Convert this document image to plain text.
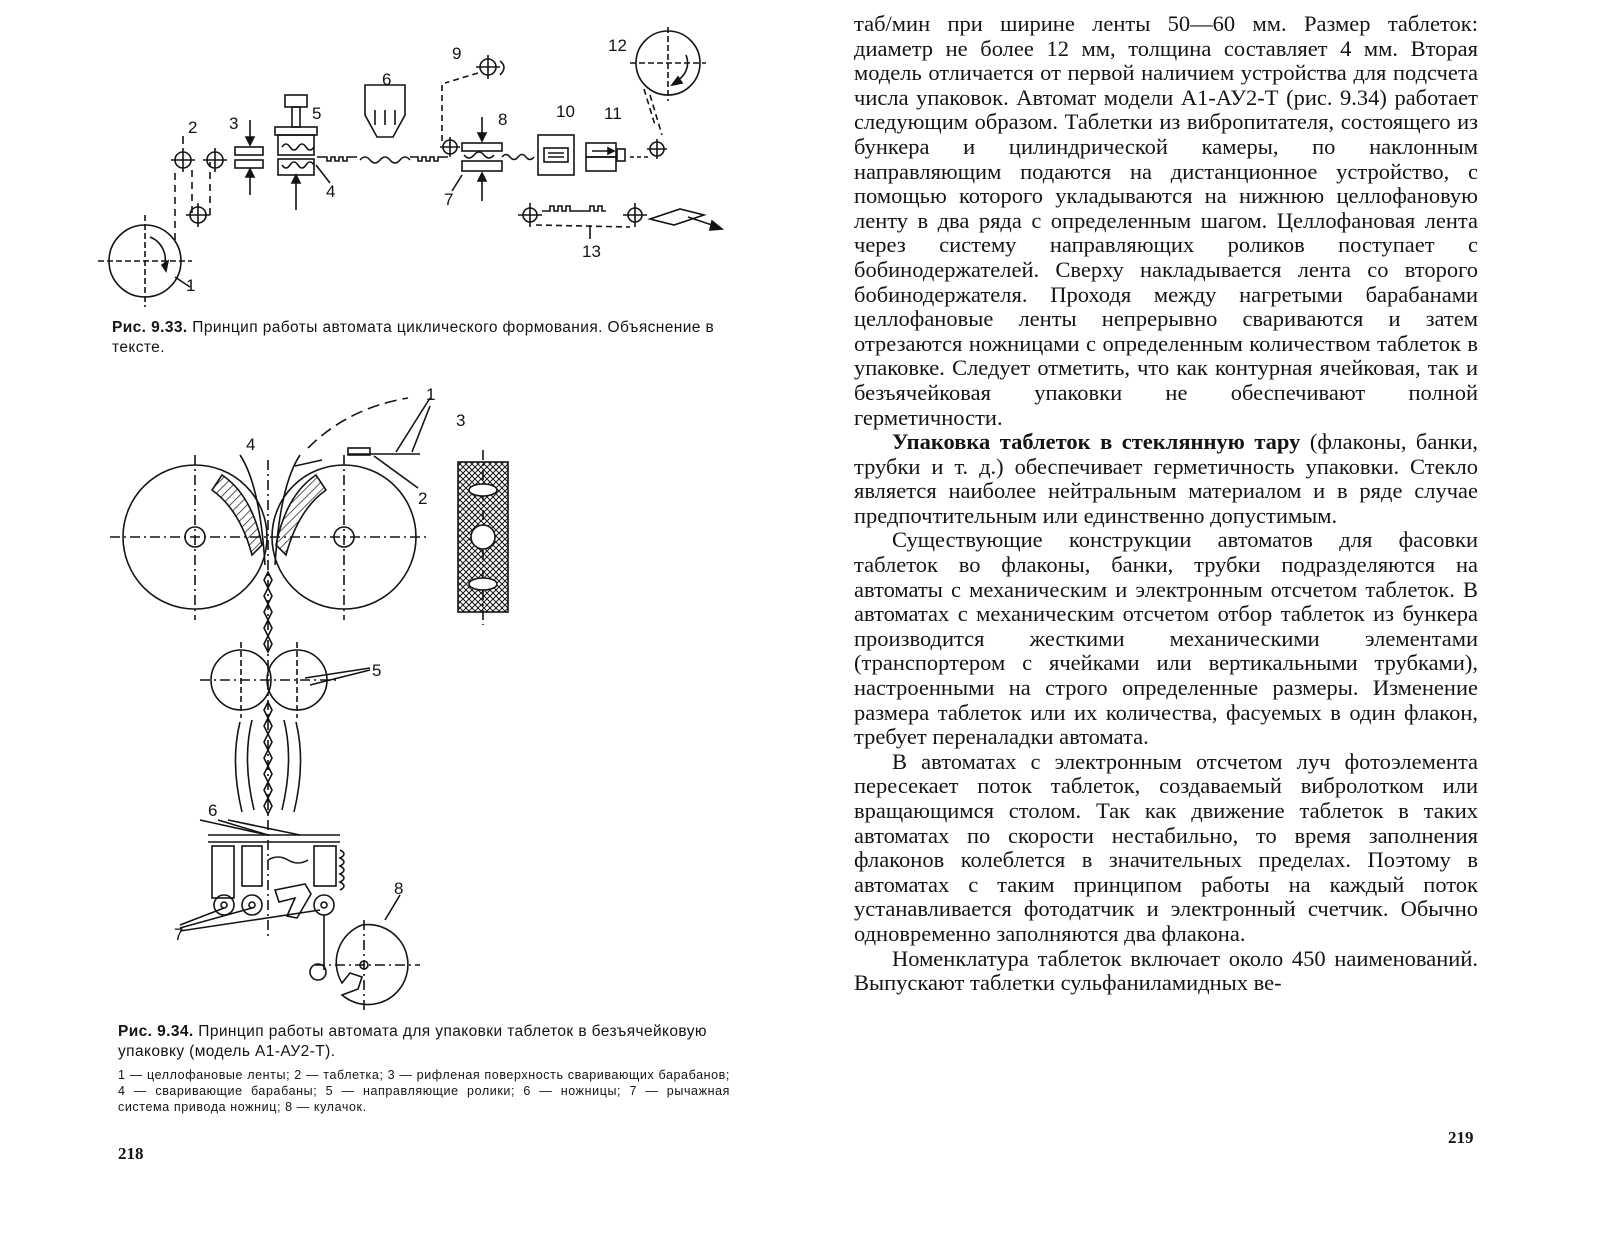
1
2 3
4
5
6
7
8
9
10 11
12
13
Рис. 9.33. Принцип работы автомата циклического формования. Объяснение в тексте.
1
2
3
4
5
6
7
8
Рис. 9.34. Принцип работы автомата для упаковки таблеток в безъячейковую упаковку (модель А1-АУ2-Т).
1 — целлофановые ленты; 2 — таблетка; 3 — рифленая поверхность сваривающих барабанов; 4 — сваривающие барабаны; 5 — направляющие ролики; 6 — ножницы; 7 — рычажная система привода ножниц; 8 — кулачок.
218

таб/мин при ширине ленты 50—60 мм. Размер таблеток: диаметр не более 12 мм, толщина составляет 4 мм. Вторая модель отличается от первой наличием устройства для подсчета числа упаковок. Автомат модели А1-АУ2-Т (рис. 9.34) работает следующим образом. Таблетки из вибропитателя, состоящего из бункера и цилиндрической камеры, по наклонным направляющим подаются на дистанционное устройство, с помощью которого укладываются на нижнюю целлофановую ленту в два ряда с определенным шагом. Целлофановая лента через систему направляющих роликов поступает с бобинодержателей. Сверху накладывается лента со второго бобинодержателя. Проходя между нагретыми барабанами целлофановые ленты непрерывно свариваются и затем отрезаются ножницами с определенным количеством таблеток в упаковке. Следует отметить, что как контурная ячейковая, так и безъячейковая упаковки не обеспечивают полной герметичности.

Упаковка таблеток в стеклянную тару (флаконы, банки, трубки и т. д.) обеспечивает герметичность упаковки. Стекло является наиболее нейтральным материалом и в ряде случае предпочтительным или единственно допустимым.

Существующие конструкции автоматов для фасовки таблеток во флаконы, банки, трубки подразделяются на автоматы с механическим и электронным отсчетом таблеток. В автоматах с механическим отсчетом отбор таблеток из бункера производится жесткими механическими элементами (транспортером с ячейками или вертикальными трубками), настроенными на строго определенные размеры. Изменение размера таблеток или их количества, фасуемых в один флакон, требует переналадки автомата.

В автоматах с электронным отсчетом луч фотоэлемента пересекает поток таблеток, создаваемый вибролотком или вращающимся столом. Так как движение таблеток в таких автоматах по скорости нестабильно, то время заполнения флаконов колеблется в значительных пределах. Поэтому в автоматах с таким принципом работы на каждый поток устанавливается фотодатчик и электронный счетчик. Обычно одновременно заполняются два флакона.

Номенклатура таблеток включает около 450 наименований. Выпускают таблетки сульфаниламидных ве-

219
